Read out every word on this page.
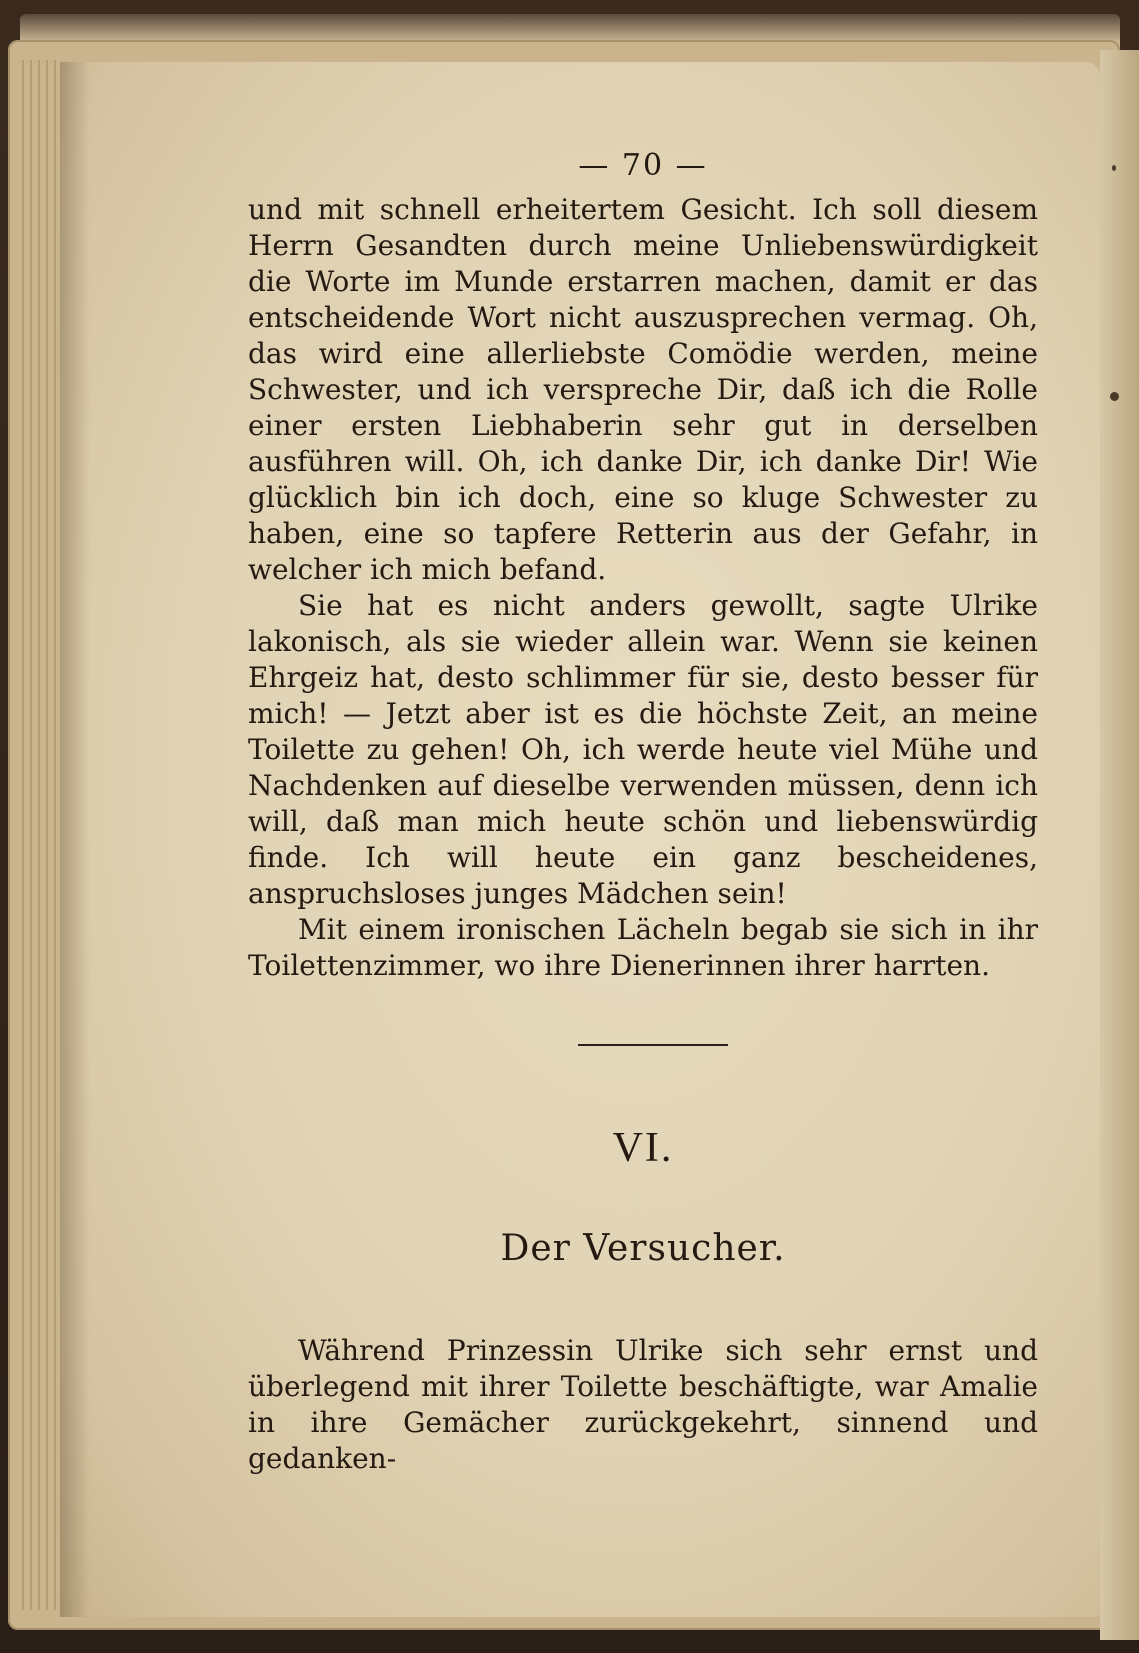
— 70 —

und mit schnell erheitertem Gesicht. Ich soll diesem Herrn Gesandten durch meine Unliebenswürdigkeit die Worte im Munde erstarren machen, damit er das entscheidende Wort nicht auszusprechen vermag. Oh, das wird eine allerliebste Comödie werden, meine Schwester, und ich verspreche Dir, daß ich die Rolle einer ersten Liebhaberin sehr gut in derselben ausführen will. Oh, ich danke Dir, ich danke Dir! Wie glücklich bin ich doch, eine so kluge Schwester zu haben, eine so tapfere Retterin aus der Gefahr, in welcher ich mich befand.

Sie hat es nicht anders gewollt, sagte Ulrike lakonisch, als sie wieder allein war. Wenn sie keinen Ehrgeiz hat, desto schlimmer für sie, desto besser für mich! — Jetzt aber ist es die höchste Zeit, an meine Toilette zu gehen! Oh, ich werde heute viel Mühe und Nachdenken auf dieselbe verwenden müssen, denn ich will, daß man mich heute schön und liebenswürdig finde. Ich will heute ein ganz bescheidenes, anspruchsloses junges Mädchen sein!

Mit einem ironischen Lächeln begab sie sich in ihr Toilettenzimmer, wo ihre Dienerinnen ihrer harrten.

VI.
Der Versucher.

Während Prinzessin Ulrike sich sehr ernst und überlegend mit ihrer Toilette beschäftigte, war Amalie in ihre Gemächer zurückgekehrt, sinnend und gedanken-
